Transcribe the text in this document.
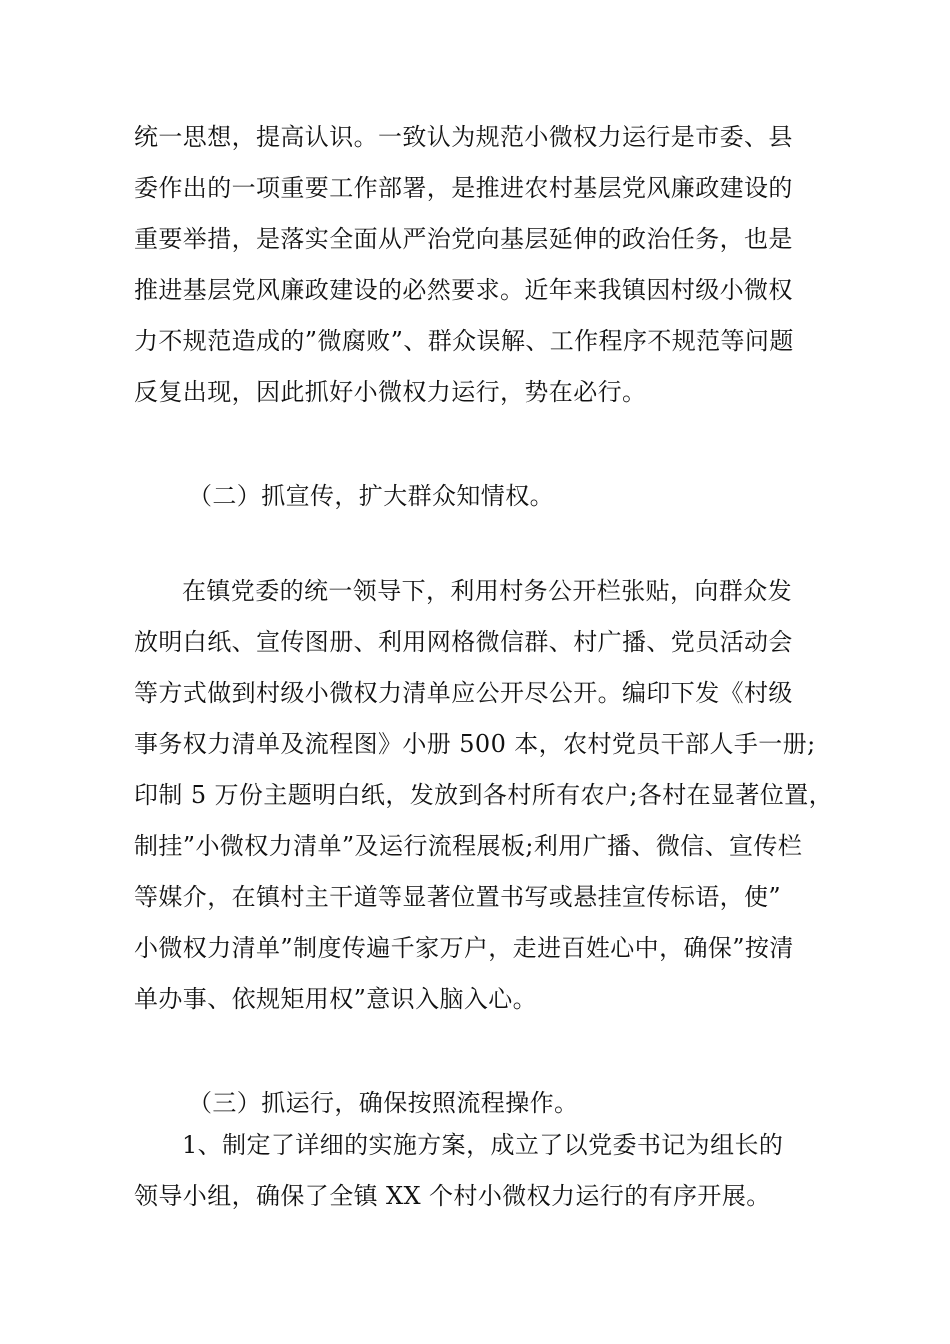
统一思想，提高认识。一致认为规范小微权力运行是市委、县
委作出的一项重要工作部署，是推进农村基层党风廉政建设的
重要举措，是落实全面从严治党向基层延伸的政治任务，也是
推进基层党风廉政建设的必然要求。近年来我镇因村级小微权
力不规范造成的”微腐败”、群众误解、工作程序不规范等问题
反复出现，因此抓好小微权力运行，势在必行。
（二）抓宣传，扩大群众知情权。
在镇党委的统一领导下，利用村务公开栏张贴，向群众发
放明白纸、宣传图册、利用网格微信群、村广播、党员活动会
等方式做到村级小微权力清单应公开尽公开。编印下发《村级
事务权力清单及流程图》小册 500 本，农村党员干部人手一册;
印制 5 万份主题明白纸，发放到各村所有农户;各村在显著位置，
制挂”小微权力清单”及运行流程展板;利用广播、微信、宣传栏
等媒介，在镇村主干道等显著位置书写或悬挂宣传标语，使”
小微权力清单”制度传遍千家万户，走进百姓心中，确保”按清
单办事、依规矩用权”意识入脑入心。
（三）抓运行，确保按照流程操作。
1、制定了详细的实施方案，成立了以党委书记为组长的
领导小组，确保了全镇 XX 个村小微权力运行的有序开展。
